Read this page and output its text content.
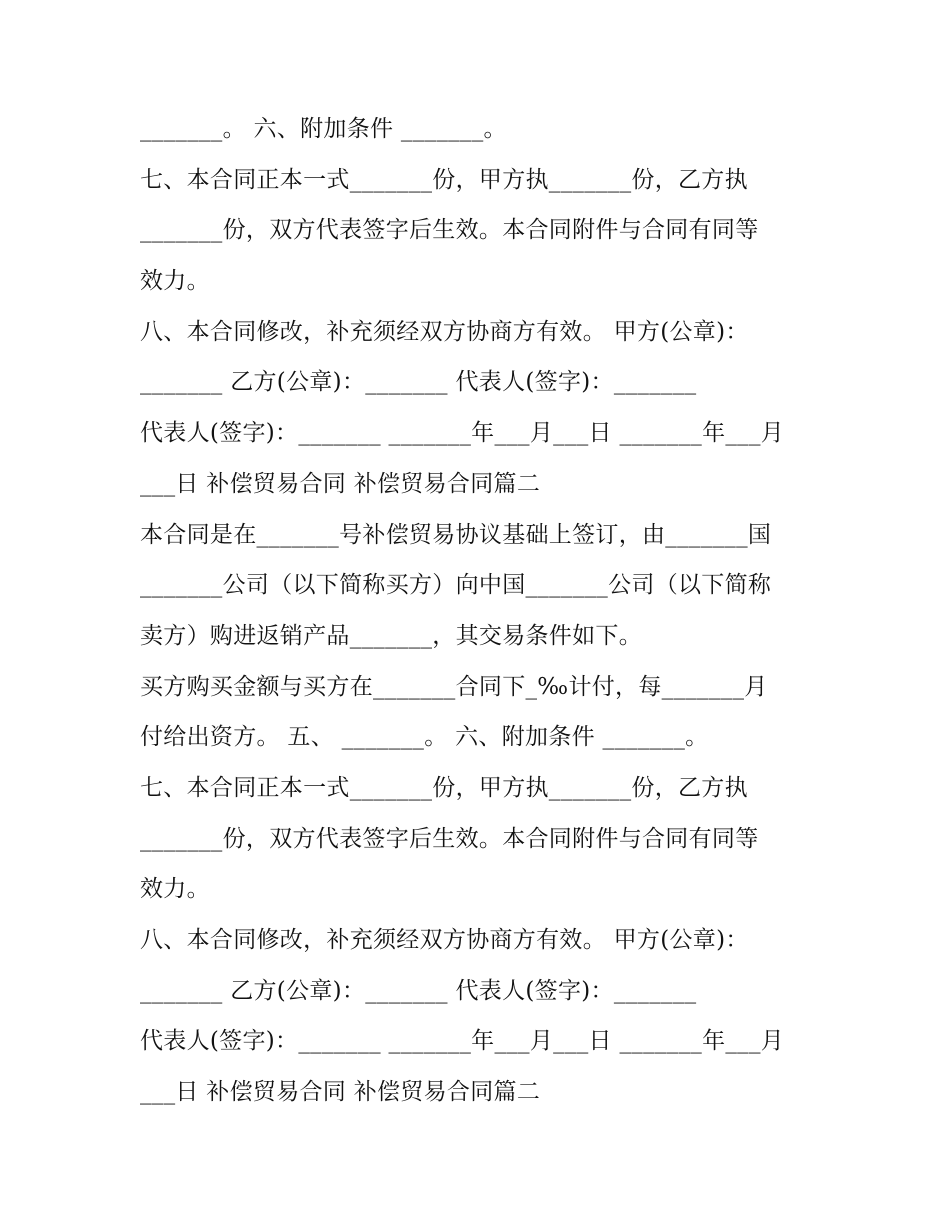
_______。 六、附加条件 _______。
七、本合同正本一式_______份，甲方执_______份，乙方执
_______份，双方代表签字后生效。本合同附件与合同有同等
效力。
八、本合同修改，补充须经双方协商方有效。 甲方(公章)：
_______ 乙方(公章)：_______ 代表人(签字)：_______
代表人(签字)：_______ _______年___月___日 _______年___月
___日 补偿贸易合同 补偿贸易合同篇二
本合同是在_______号补偿贸易协议基础上签订，由_______国
_______公司（以下简称买方）向中国_______公司（以下简称
卖方）购进返销产品_______，其交易条件如下。
买方购买金额与买方在_______合同下_‰计付，每_______月
付给出资方。 五、 _______。 六、附加条件 _______。
七、本合同正本一式_______份，甲方执_______份，乙方执
_______份，双方代表签字后生效。本合同附件与合同有同等
效力。
八、本合同修改，补充须经双方协商方有效。 甲方(公章)：
_______ 乙方(公章)：_______ 代表人(签字)：_______
代表人(签字)：_______ _______年___月___日 _______年___月
___日 补偿贸易合同 补偿贸易合同篇二
